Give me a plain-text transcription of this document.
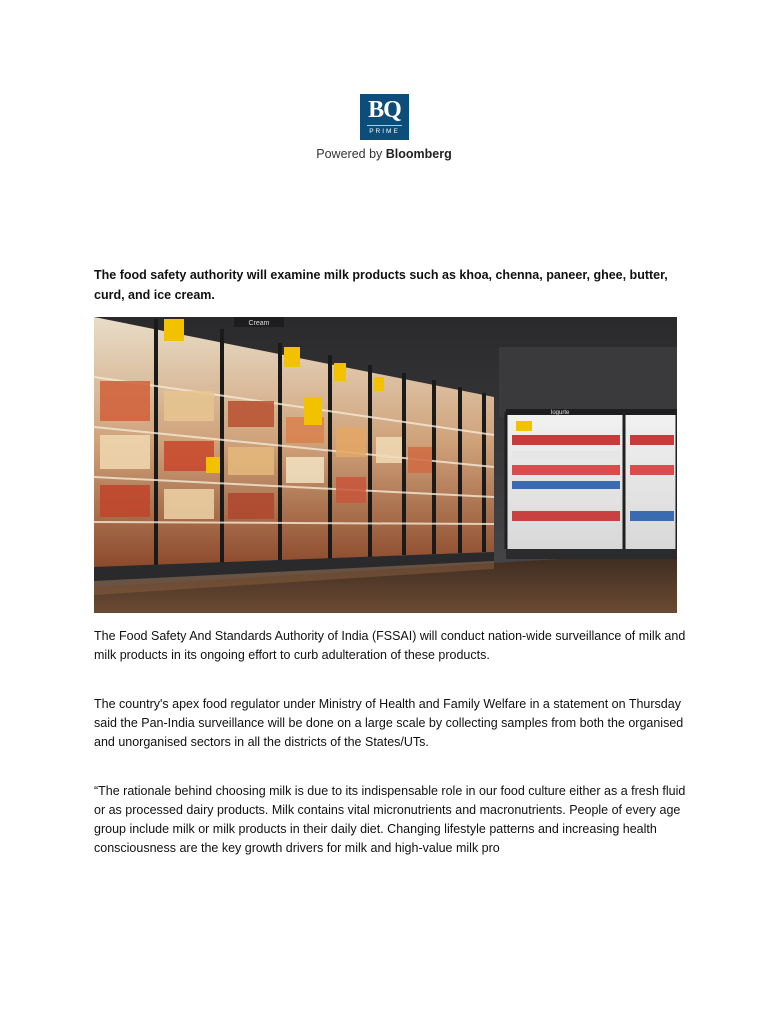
BQ
PRIME
Powered by Bloomberg

The food safety authority will examine milk products such as khoa, chenna, paneer, ghee, butter, curd, and ice cream.

Cream
Iogurte

The Food Safety And Standards Authority of India (FSSAI) will conduct nation-wide surveillance of milk and milk products in its ongoing effort to curb adulteration of these products.

The country's apex food regulator under Ministry of Health and Family Welfare in a statement on Thursday said the Pan-India surveillance will be done on a large scale by collecting samples from both the organised and unorganised sectors in all the districts of the States/UTs.

“The rationale behind choosing milk is due to its indispensable role in our food culture either as a fresh fluid or as processed dairy products. Milk contains vital micronutrients and macronutrients. People of every age group include milk or milk products in their daily diet. Changing lifestyle patterns and increasing health consciousness are the key growth drivers for milk and high-value milk pro
